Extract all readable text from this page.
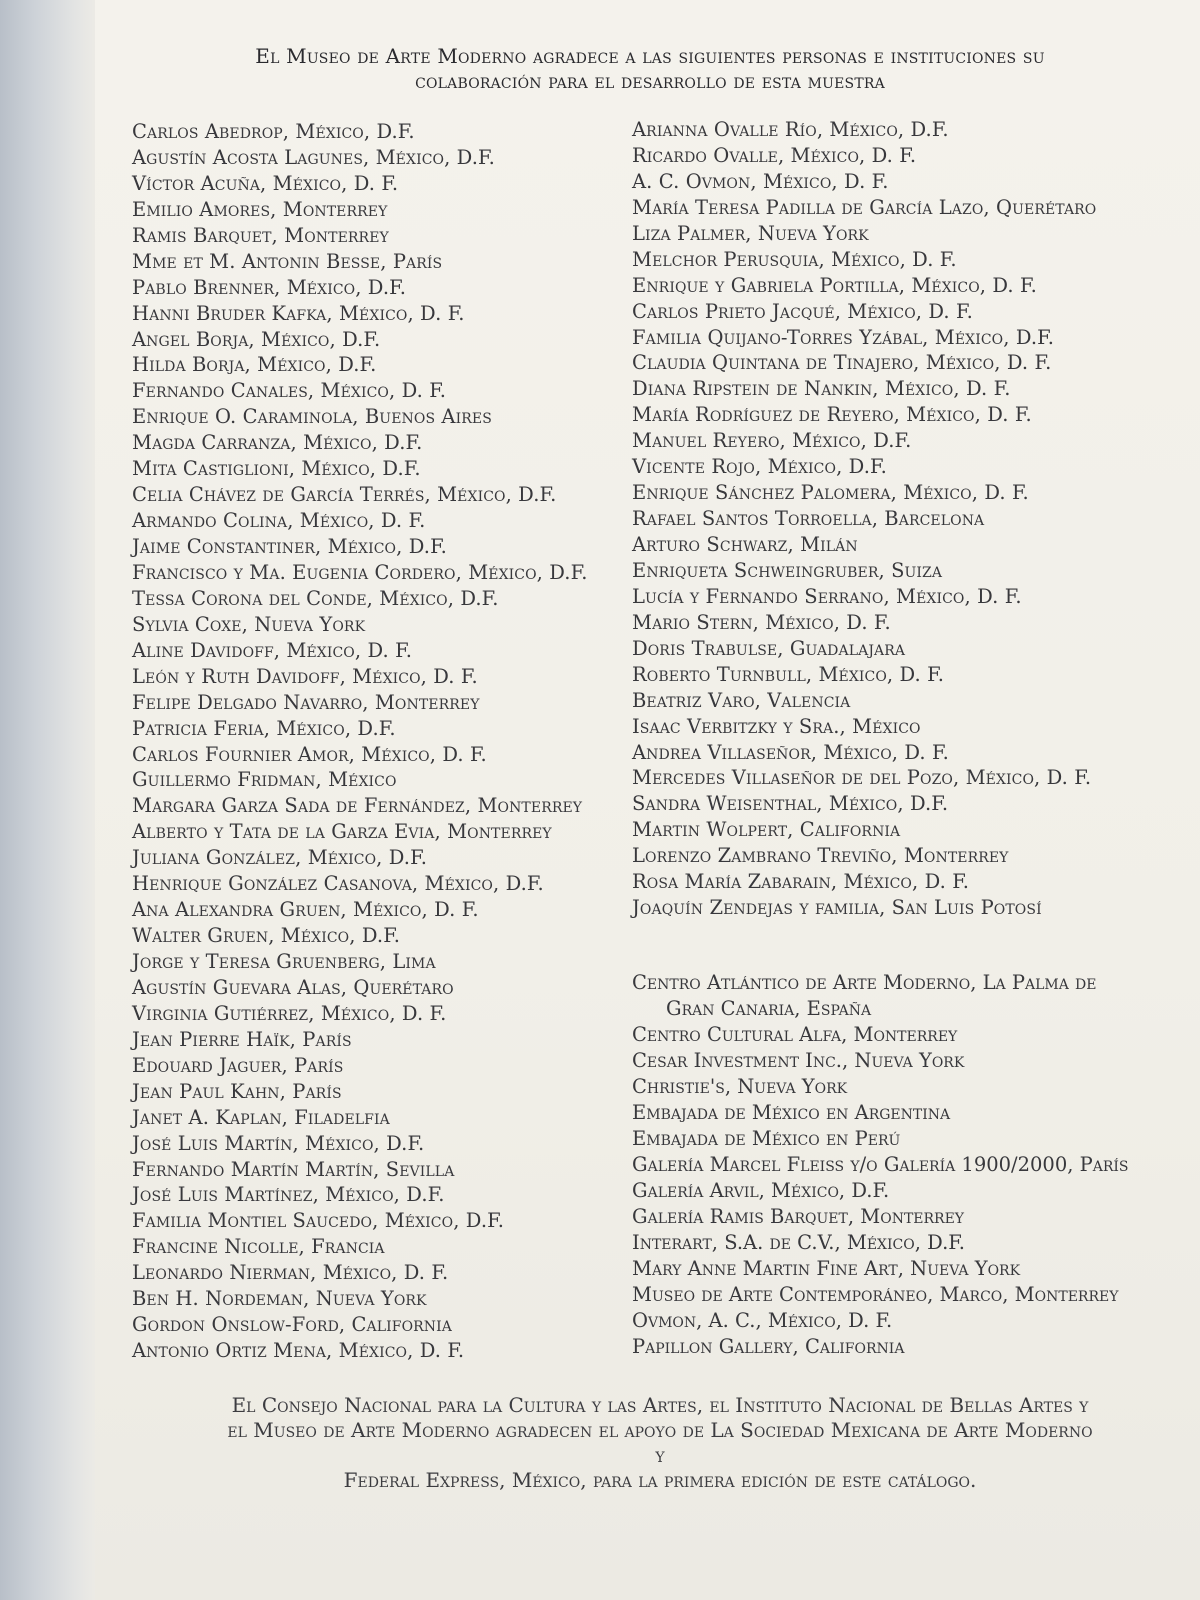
El Museo de Arte Moderno agradece a las siguientes personas e instituciones su
colaboración para el desarrollo de esta muestra
Carlos Abedrop, México, D.F.
Agustín Acosta Lagunes, México, D.F.
Víctor Acuña, México, D. F.
Emilio Amores, Monterrey
Ramis Barquet, Monterrey
Mme et M. Antonin Besse, París
Pablo Brenner, México, D.F.
Hanni Bruder Kafka, México, D. F.
Angel Borja, México, D.F.
Hilda Borja, México, D.F.
Fernando Canales, México, D. F.
Enrique O. Caraminola, Buenos Aires
Magda Carranza, México, D.F.
Mita Castiglioni, México, D.F.
Celia Chávez de García Terrés, México, D.F.
Armando Colina, México, D. F.
Jaime Constantiner, México, D.F.
Francisco y Ma. Eugenia Cordero, México, D.F.
Tessa Corona del Conde, México, D.F.
Sylvia Coxe, Nueva York
Aline Davidoff, México, D. F.
León y Ruth Davidoff, México, D. F.
Felipe Delgado Navarro, Monterrey
Patricia Feria, México, D.F.
Carlos Fournier Amor, México, D. F.
Guillermo Fridman, México
Margara Garza Sada de Fernández, Monterrey
Alberto y Tata de la Garza Evia, Monterrey
Juliana González, México, D.F.
Henrique González Casanova, México, D.F.
Ana Alexandra Gruen, México, D. F.
Walter Gruen, México, D.F.
Jorge y Teresa Gruenberg, Lima
Agustín Guevara Alas, Querétaro
Virginia Gutiérrez, México, D. F.
Jean Pierre Haïk, París
Edouard Jaguer, París
Jean Paul Kahn, París
Janet A. Kaplan, Filadelfia
José Luis Martín, México, D.F.
Fernando Martín Martín, Sevilla
José Luis Martínez, México, D.F.
Familia Montiel Saucedo, México, D.F.
Francine Nicolle, Francia
Leonardo Nierman, México, D. F.
Ben H. Nordeman, Nueva York
Gordon Onslow-Ford, California
Antonio Ortiz Mena, México, D. F.
Arianna Ovalle Río, México, D.F.
Ricardo Ovalle, México, D. F.
A. C. Ovmon, México, D. F.
María Teresa Padilla de García Lazo, Querétaro
Liza Palmer, Nueva York
Melchor Perusquia, México, D. F.
Enrique y Gabriela Portilla, México, D. F.
Carlos Prieto Jacqué, México, D. F.
Familia Quijano-Torres Yzábal, México, D.F.
Claudia Quintana de Tinajero, México, D. F.
Diana Ripstein de Nankin, México, D. F.
María Rodríguez de Reyero, México, D. F.
Manuel Reyero, México, D.F.
Vicente Rojo, México, D.F.
Enrique Sánchez Palomera, México, D. F.
Rafael Santos Torroella, Barcelona
Arturo Schwarz, Milán
Enriqueta Schweingruber, Suiza
Lucía y Fernando Serrano, México, D. F.
Mario Stern, México, D. F.
Doris Trabulse, Guadalajara
Roberto Turnbull, México, D. F.
Beatriz Varo, Valencia
Isaac Verbitzky y Sra., México
Andrea Villaseñor, México, D. F.
Mercedes Villaseñor de del Pozo, México, D. F.
Sandra Weisenthal, México, D.F.
Martin Wolpert, California
Lorenzo Zambrano Treviño, Monterrey
Rosa María Zabarain, México, D. F.
Joaquín Zendejas y familia, San Luis Potosí
Centro Atlántico de Arte Moderno, La Palma de
Gran Canaria, España
Centro Cultural Alfa, Monterrey
Cesar Investment Inc., Nueva York
Christie's, Nueva York
Embajada de México en Argentina
Embajada de México en Perú
Galería Marcel Fleiss y/o Galería 1900/2000, París
Galería Arvil, México, D.F.
Galería Ramis Barquet, Monterrey
Interart, S.A. de C.V., México, D.F.
Mary Anne Martin Fine Art, Nueva York
Museo de Arte Contemporáneo, Marco, Monterrey
Ovmon, A. C., México, D. F.
Papillon Gallery, California
El Consejo Nacional para la Cultura y las Artes, el Instituto Nacional de Bellas Artes y
el Museo de Arte Moderno agradecen el apoyo de La Sociedad Mexicana de Arte Moderno y
Federal Express, México, para la primera edición de este catálogo.
